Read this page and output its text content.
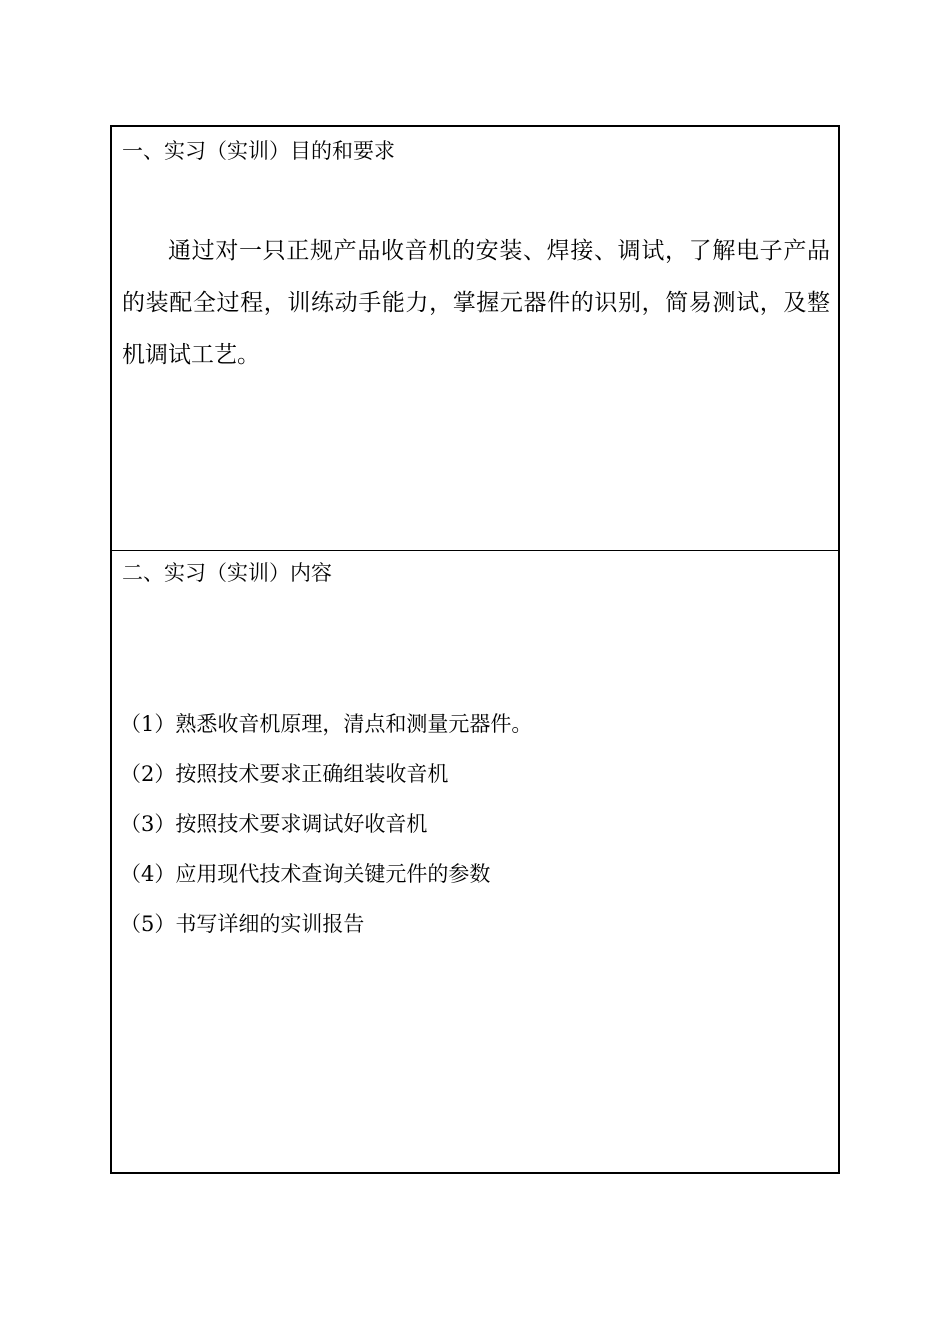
一、实习（实训）目的和要求

通过对一只正规产品收音机的安装、焊接、调试，了解电子产品的装配全过程，训练动手能力，掌握元器件的识别，简易测试，及整机调试工艺。

二、实习（实训）内容
（1）熟悉收音机原理，清点和测量元器件。
（2）按照技术要求正确组装收音机
（3）按照技术要求调试好收音机
（4）应用现代技术查询关键元件的参数
（5）书写详细的实训报告
